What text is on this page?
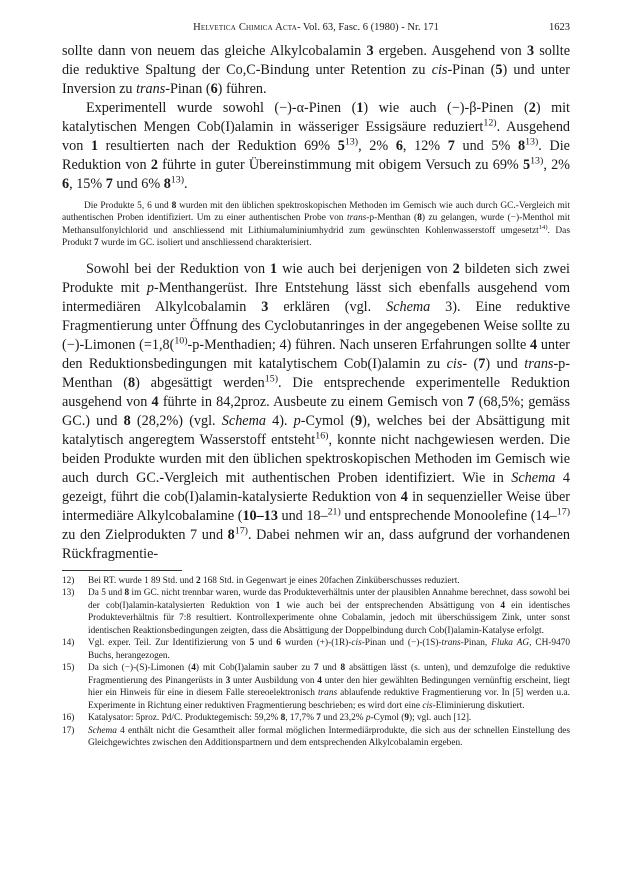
Helvetica Chimica Acta - Vol. 63, Fasc. 6 (1980) - Nr. 171	1623

sollte dann von neuem das gleiche Alkylcobalamin 3 ergeben. Ausgehend von 3 sollte die reduktive Spaltung der Co,C-Bindung unter Retention zu cis-Pinan (5) und unter Inversion zu trans-Pinan (6) führen.

Experimentell wurde sowohl (−)-α-Pinen (1) wie auch (−)-β-Pinen (2) mit katalytischen Mengen Cob(I)alamin in wässeriger Essigsäure reduziert$^{12)}$. Ausgehend von 1 resultierten nach der Reduktion 69% 5$^{13)}$, 2% 6, 12% 7 und 5% 8$^{13)}$. Die Reduktion von 2 führte in guter Übereinstimmung mit obigem Versuch zu 69% 5$^{13)}$, 2% 6, 15% 7 und 6% 8$^{13)}$.

Die Produkte 5, 6 und 8 wurden mit den üblichen spektroskopischen Methoden im Gemisch wie auch durch GC.-Vergleich mit authentischen Proben identifiziert. Um zu einer authentischen Probe von trans-p-Menthan (8) zu gelangen, wurde (−)-Menthol mit Methansulfonylchlorid und anschliessend mit Lithiumaluminiumhydrid zum gewünschten Kohlenwasserstoff umgesetzt$^{14)}$. Das Produkt 7 wurde im GC. isoliert und anschliessend charakterisiert.

Sowohl bei der Reduktion von 1 wie auch bei derjenigen von 2 bildeten sich zwei Produkte mit p-Menthangerüst. Ihre Entstehung lässt sich ebenfalls ausgehend vom intermediären Alkylcobalamin 3 erklären (vgl. Schema 3). Eine reduktive Fragmentierung unter Öffnung des Cyclobutanringes in der angegebenen Weise sollte zu (−)-Limonen (=1,8($^{10)}$-p-Menthadien; 4) führen. Nach unseren Erfahrungen sollte 4 unter den Reduktionsbedingungen mit katalytischem Cob(I)alamin zu cis- (7) und trans-p-Menthan (8) abgesättigt werden$^{15)}$. Die entsprechende experimentelle Reduktion ausgehend von 4 führte in 84,2proz. Ausbeute zu einem Gemisch von 7 (68,5%; gemäss GC.) und 8 (28,2%) (vgl. Schema 4). p-Cymol (9), welches bei der Absättigung mit katalytisch angeregtem Wasserstoff entsteht$^{16)}$, konnte nicht nachgewiesen werden. Die beiden Produkte wurden mit den üblichen spektroskopischen Methoden im Gemisch wie auch durch GC.-Vergleich mit authentischen Proben identifiziert. Wie in Schema 4 gezeigt, führt die cob(I)alamin-katalysierte Reduktion von 4 in sequenzieller Weise über intermediäre Alkylcobalamine (10–13 und 18–$^{21)}$ und entsprechende Monoolefine (14–$^{17)}$ zu den Zielprodukten 7 und 8$^{17)}$. Dabei nehmen wir an, dass aufgrund der vorhandenen Rückfragmentie-

12) Bei RT. wurde 1 89 Std. und 2 168 Std. in Gegenwart je eines 20fachen Zinküberschusses reduziert.
13) Da 5 und 8 im GC. nicht trennbar waren, wurde das Produkteverhältnis unter der plausiblen Annahme berechnet, dass sowohl bei der cob(I)alamin-katalysierten Reduktion von 1 wie auch bei der entsprechenden Absättigung von 4 ein identisches Produkteverhältnis für 7:8 resultiert. Kontrollexperimente ohne Cobalamin, jedoch mit überschüssigem Zink, unter sonst identischen Reaktionsbedingungen zeigten, dass die Absättigung der Doppelbindung durch Cob(I)alamin-Katalyse erfolgt.
14) Vgl. exper. Teil. Zur Identifizierung von 5 und 6 wurden (+)-(1R)-cis-Pinan und (−)-(1S)-trans-Pinan, Fluka AG, CH-9470 Buchs, herangezogen.
15) Da sich (−)-(S)-Limonen (4) mit Cob(I)alamin sauber zu 7 und 8 absättigen lässt (s. unten), und demzufolge die reduktive Fragmentierung des Pinangerüsts in 3 unter Ausbildung von 4 unter den hier gewählten Bedingungen vernünftig erscheint, liegt hier ein Hinweis für eine in diesem Falle stereoelektronisch trans ablaufende reduktive Fragmentierung vor. In [5] werden u.a. Experimente in Richtung einer reduktiven Fragmentierung beschrieben; es wird dort eine cis-Eliminierung diskutiert.
16) Katalysator: 5proz. Pd/C. Produktegemisch: 59,2% 8, 17,7% 7 und 23,2% p-Cymol (9); vgl. auch [12].
17) Schema 4 enthält nicht die Gesamtheit aller formal möglichen Intermediärprodukte, die sich aus der schnellen Einstellung des Gleichgewichtes zwischen den Additionspartnern und dem entsprechenden Alkylcobalamin ergeben.
